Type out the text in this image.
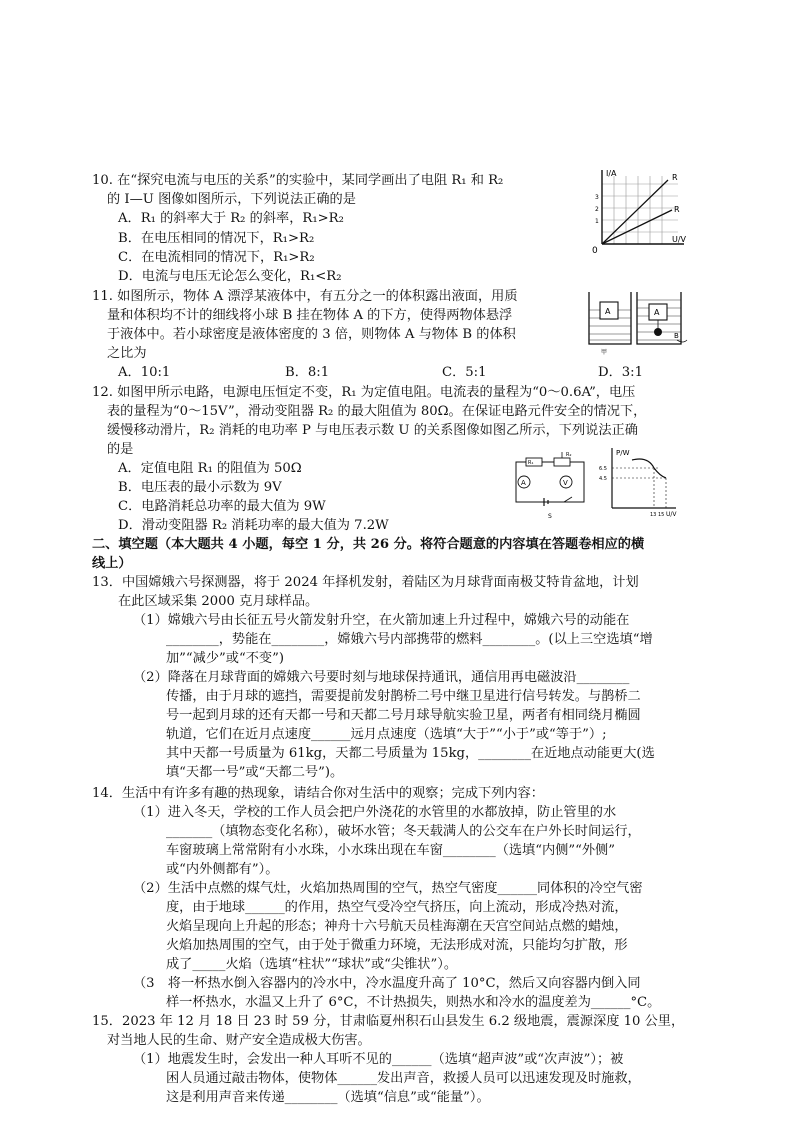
10. 在“探究电流与电压的关系”的实验中，某同学画出了电阻 R₁ 和 R₂
的 I—U 图像如图所示，下列说法正确的是
A．R₁ 的斜率大于 R₂ 的斜率，R₁>R₂
B．在电压相同的情况下，R₁>R₂
C．在电流相同的情况下，R₁>R₂
D．电流与电压无论怎么变化，R₁<R₂
I/A
U/V
0
R
R
3
2
1
11. 如图所示，物体 A 漂浮某液体中，有五分之一的体积露出液面，用质
量和体积均不计的细线将小球 B 挂在物体 A 的下方，使得两物体悬浮
于液体中。若小球密度是液体密度的 3 倍，则物体 A 与物体 B 的体积
之比为
A．10:1	B．8:1	C．5:1	D．3:1
A	A
B
甲
12. 如图甲所示电路，电源电压恒定不变，R₁ 为定值电阻。电流表的量程为“0～0.6A”，电压
表的量程为“0～15V”，滑动变阻器 R₂ 的最大阻值为 80Ω。在保证电路元件安全的情况下，
缓慢移动滑片，R₂ 消耗的电功率 P 与电压表示数 U 的关系图像如图乙所示，下列说法正确
的是
A．定值电阻 R₁ 的阻值为 50Ω
B．电压表的最小示数为 9V
C．电路消耗总功率的最大值为 9W
D．滑动变阻器 R₂ 消耗功率的最大值为 7.2W
R₁
R₂
A	V
S
P/W
6.5
4.5
13 15 U/V
二、填空题（本大题共 4 小题，每空 1 分，共 26 分。将符合题意的内容填在答题卷相应的横
线上）
13．中国嫦娥六号探测器，将于 2024 年择机发射，着陆区为月球背面南极艾特肯盆地，计划
在此区域采集 2000 克月球样品。
（1）嫦娥六号由长征五号火箭发射升空，在火箭加速上升过程中，嫦娥六号的动能在
________，势能在________，嫦娥六号内部携带的燃料________。(以上三空选填“增
加”“减少”或“不变”)
（2）降落在月球背面的嫦娥六号要时刻与地球保持通讯，通信用再电磁波沿________
传播，由于月球的遮挡，需要提前发射鹊桥二号中继卫星进行信号转发。与鹊桥二
号一起到月球的还有天都一号和天都二号月球导航实验卫星，两者有相同绕月椭圆
轨道，它们在近月点速度______远月点速度（选填“大于”“小于”或“等于”）;
其中天都一号质量为 61kg，天都二号质量为 15kg，________在近地点动能更大(选
填“天都一号”或“天都二号”)。
14．生活中有许多有趣的热现象，请结合你对生活中的观察；完成下列内容：
（1）进入冬天，学校的工作人员会把户外浇花的水管里的水都放掉，防止管里的水
_______（填物态变化名称），破坏水管；冬天载满人的公交车在户外长时间运行，
车窗玻璃上常常附有小水珠，小水珠出现在车窗________（选填“内侧”“外侧”
或“内外侧都有”）。
（2）生活中点燃的煤气灶，火焰加热周围的空气，热空气密度______同体积的冷空气密
度，由于地球______的作用，热空气受冷空气挤压，向上流动，形成冷热对流，
火焰呈现向上升起的形态；神舟十六号航天员桂海潮在天宫空间站点燃的蜡烛，
火焰加热周围的空气，由于处于微重力环境，无法形成对流，只能均匀扩散，形
成了_____火焰（选填“柱状”“球状”或“尖锥状”）。
（3　将一杯热水倒入容器内的冷水中，冷水温度升高了 10°C，然后又向容器内倒入同
样一杯热水，水温又上升了 6°C，不计热损失，则热水和冷水的温度差为______°C。
15．2023 年 12 月 18 日 23 时 59 分，甘肃临夏州积石山县发生 6.2 级地震，震源深度 10 公里，
对当地人民的生命、财产安全造成极大伤害。
（1）地震发生时，会发出一种人耳听不见的______（选填“超声波”或“次声波”）；被
困人员通过敲击物体，使物体______发出声音，救援人员可以迅速发现及时施救，
这是利用声音来传递________（选填“信息”或“能量”）。
